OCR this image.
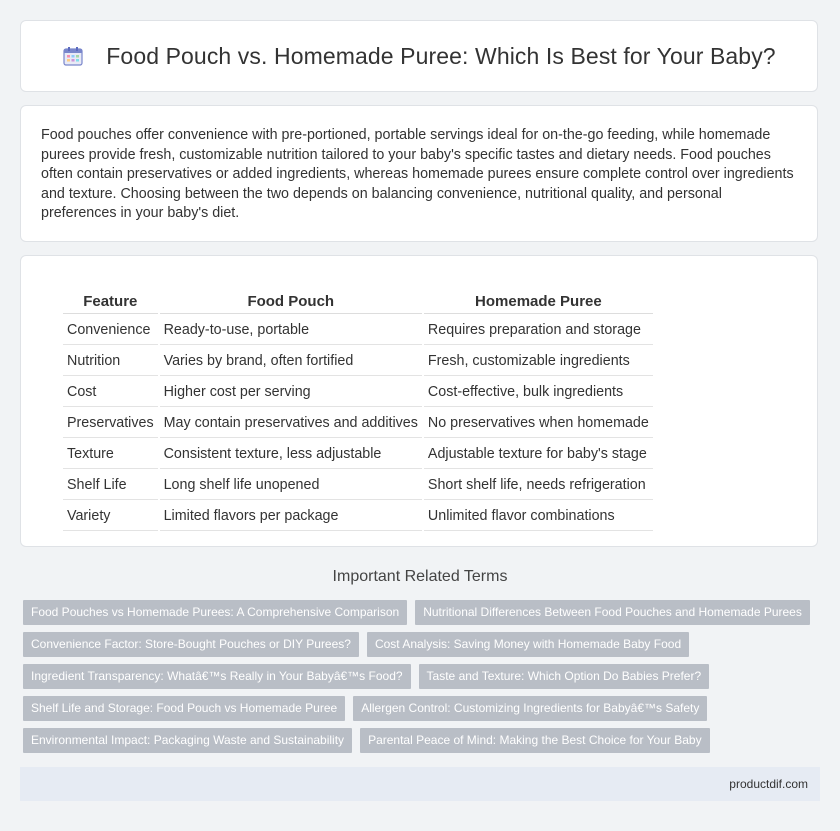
Food Pouch vs. Homemade Puree: Which Is Best for Your Baby?

Food pouches offer convenience with pre-portioned, portable servings ideal for on-the-go feeding, while homemade purees provide fresh, customizable nutrition tailored to your baby's specific tastes and dietary needs. Food pouches often contain preservatives or added ingredients, whereas homemade purees ensure complete control over ingredients and texture. Choosing between the two depends on balancing convenience, nutritional quality, and personal preferences in your baby's diet.

Feature	Food Pouch	Homemade Puree
Convenience	Ready-to-use, portable	Requires preparation and storage
Nutrition	Varies by brand, often fortified	Fresh, customizable ingredients
Cost	Higher cost per serving	Cost-effective, bulk ingredients
Preservatives	May contain preservatives and additives	No preservatives when homemade
Texture	Consistent texture, less adjustable	Adjustable texture for baby's stage
Shelf Life	Long shelf life unopened	Short shelf life, needs refrigeration
Variety	Limited flavors per package	Unlimited flavor combinations
Important Related Terms
Food Pouches vs Homemade Purees: A Comprehensive Comparison	Nutritional Differences Between Food Pouches and Homemade Purees
Convenience Factor: Store-Bought Pouches or DIY Purees?	Cost Analysis: Saving Money with Homemade Baby Food
Ingredient Transparency: Whatâ€™s Really in Your Babyâ€™s Food?	Taste and Texture: Which Option Do Babies Prefer?
Shelf Life and Storage: Food Pouch vs Homemade Puree	Allergen Control: Customizing Ingredients for Babyâ€™s Safety
Environmental Impact: Packaging Waste and Sustainability	Parental Peace of Mind: Making the Best Choice for Your Baby
productdif.com
